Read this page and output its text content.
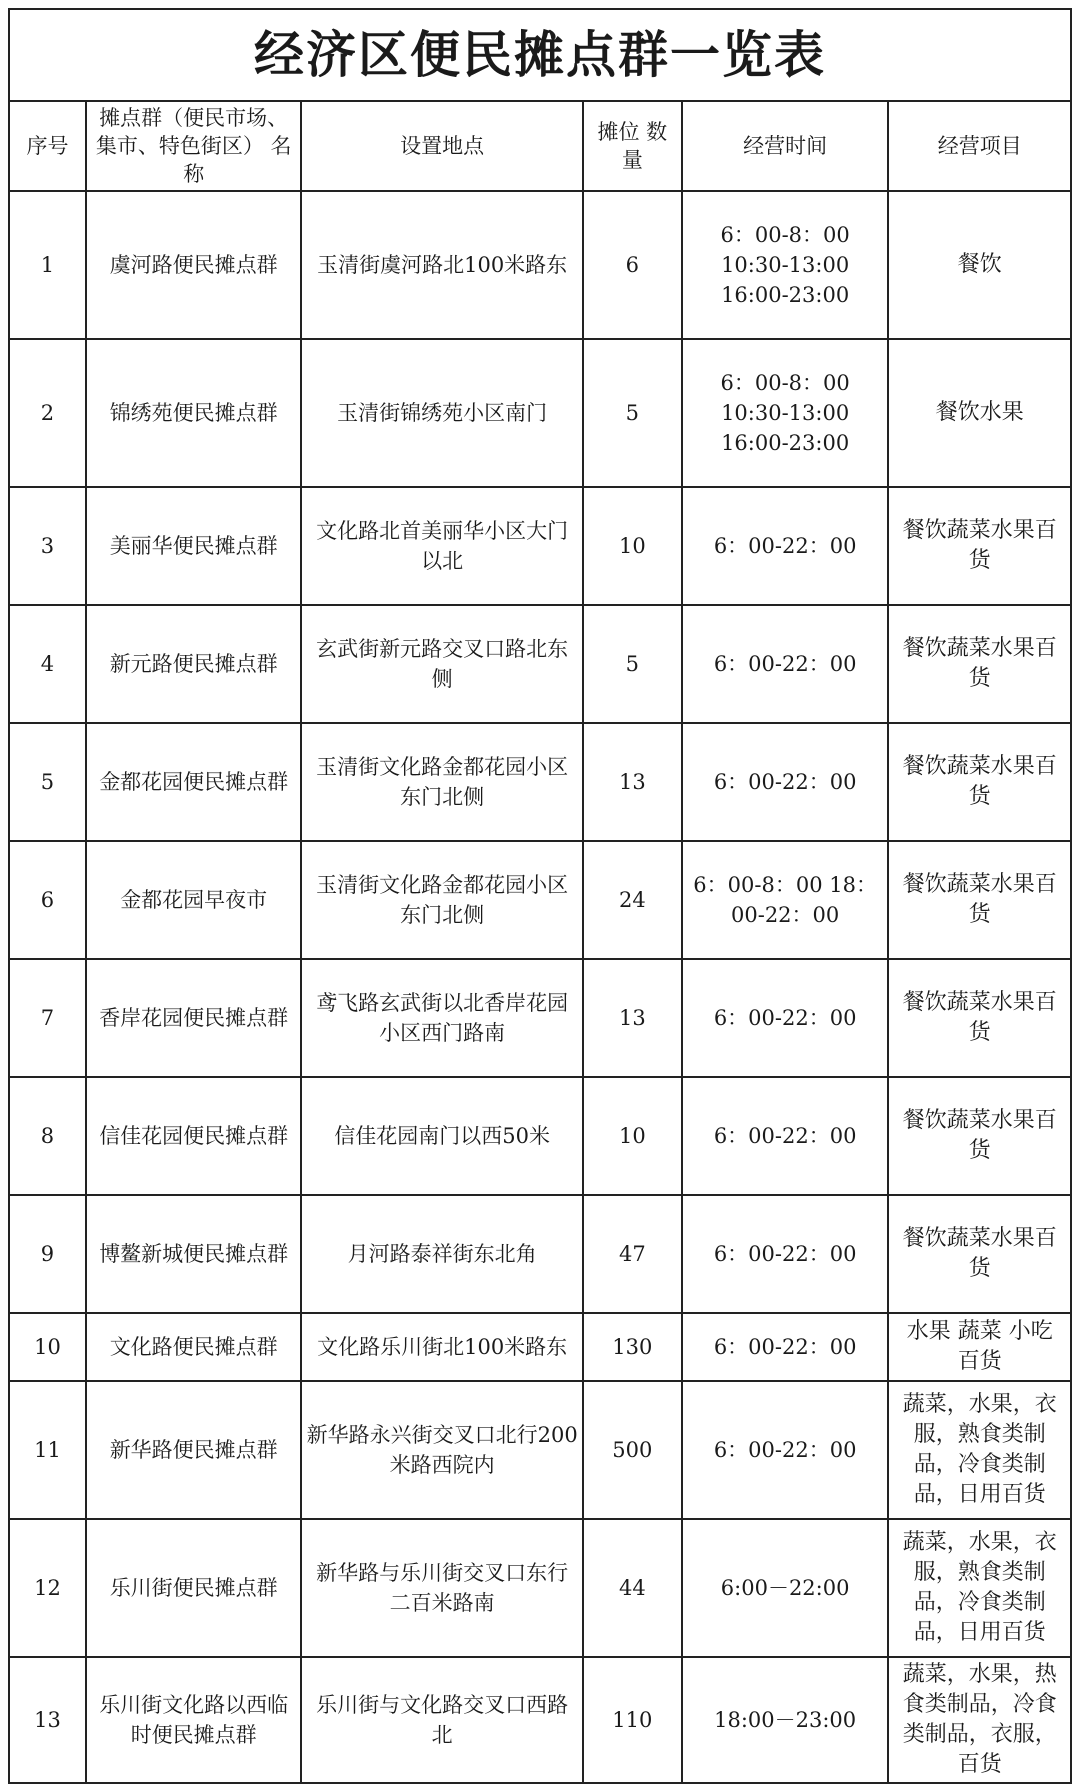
经济区便民摊点群一览表					
序号	摊点群（便民市场、集市、特色街区） 名称	设置地点	摊位 数量	经营时间	经营项目
1	虞河路便民摊点群	玉清街虞河路北100米路东	6	6：00-8：00
10:30-13:00
16:00-23:00	餐饮
2	锦绣苑便民摊点群	玉清街锦绣苑小区南门	5	6：00-8：00
10:30-13:00
16:00-23:00	餐饮水果
3	美丽华便民摊点群	文化路北首美丽华小区大门以北	10	6：00-22：00	餐饮蔬菜水果百货
4	新元路便民摊点群	玄武街新元路交叉口路北东侧	5	6：00-22：00	餐饮蔬菜水果百货
5	金都花园便民摊点群	玉清街文化路金都花园小区东门北侧	13	6：00-22：00	餐饮蔬菜水果百货
6	金都花园早夜市	玉清街文化路金都花园小区东门北侧	24	6：00-8：00 18：00-22：00	餐饮蔬菜水果百货
7	香岸花园便民摊点群	鸢飞路玄武街以北香岸花园小区西门路南	13	6：00-22：00	餐饮蔬菜水果百货
8	信佳花园便民摊点群	信佳花园南门以西50米	10	6：00-22：00	餐饮蔬菜水果百货
9	博鳌新城便民摊点群	月河路泰祥街东北角	47	6：00-22：00	餐饮蔬菜水果百货
10	文化路便民摊点群	文化路乐川街北100米路东	130	6：00-22：00	水果 蔬菜 小吃 百货
11	新华路便民摊点群	新华路永兴街交叉口北行200米路西院内	500	6：00-22：00	蔬菜，水果，衣服，熟食类制品，冷食类制品，日用百货
12	乐川街便民摊点群	新华路与乐川街交叉口东行二百米路南	44	6:00－22:00	蔬菜，水果，衣服，熟食类制品，冷食类制品，日用百货
13	乐川街文化路以西临时便民摊点群	乐川街与文化路交叉口西路北	110	18:00－23:00	蔬菜，水果，热食类制品，冷食类制品，衣服，百货
